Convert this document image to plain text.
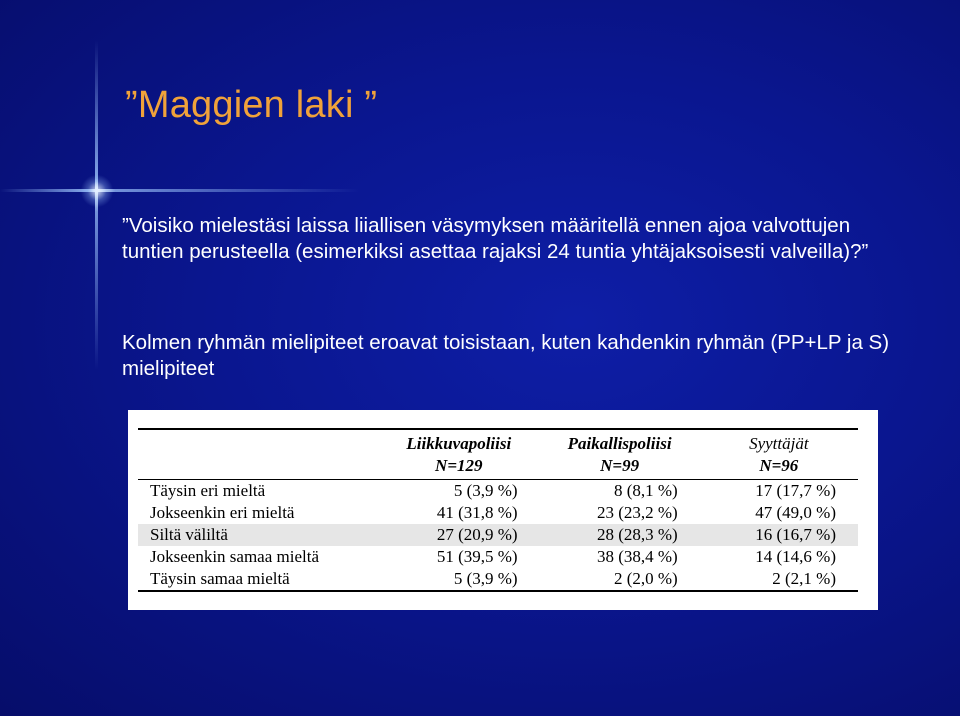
”Maggien laki ”

”Voisiko mielestäsi laissa liiallisen väsymyksen määritellä ennen ajoa valvottujen tuntien perusteella (esimerkiksi asettaa rajaksi 24 tuntia yhtäjaksoisesti valveilla)?”

Kolmen ryhmän mielipiteet eroavat toisistaan, kuten kahdenkin ryhmän (PP+LP ja S) mielipiteet

	Liikkuvapoliisi	Paikallispoliisi	Syyttäjät
	N=129	N=99	N=96
Täysin eri mieltä	5 (3,9 %)	8 (8,1 %)	17 (17,7 %)
Jokseenkin eri mieltä	41 (31,8 %)	23 (23,2 %)	47 (49,0 %)
Siltä väliltä	27 (20,9 %)	28 (28,3 %)	16 (16,7 %)
Jokseenkin samaa mieltä	51 (39,5 %)	38 (38,4 %)	14 (14,6 %)
Täysin samaa mieltä	5 (3,9 %)	2 (2,0 %)	2 (2,1 %)
